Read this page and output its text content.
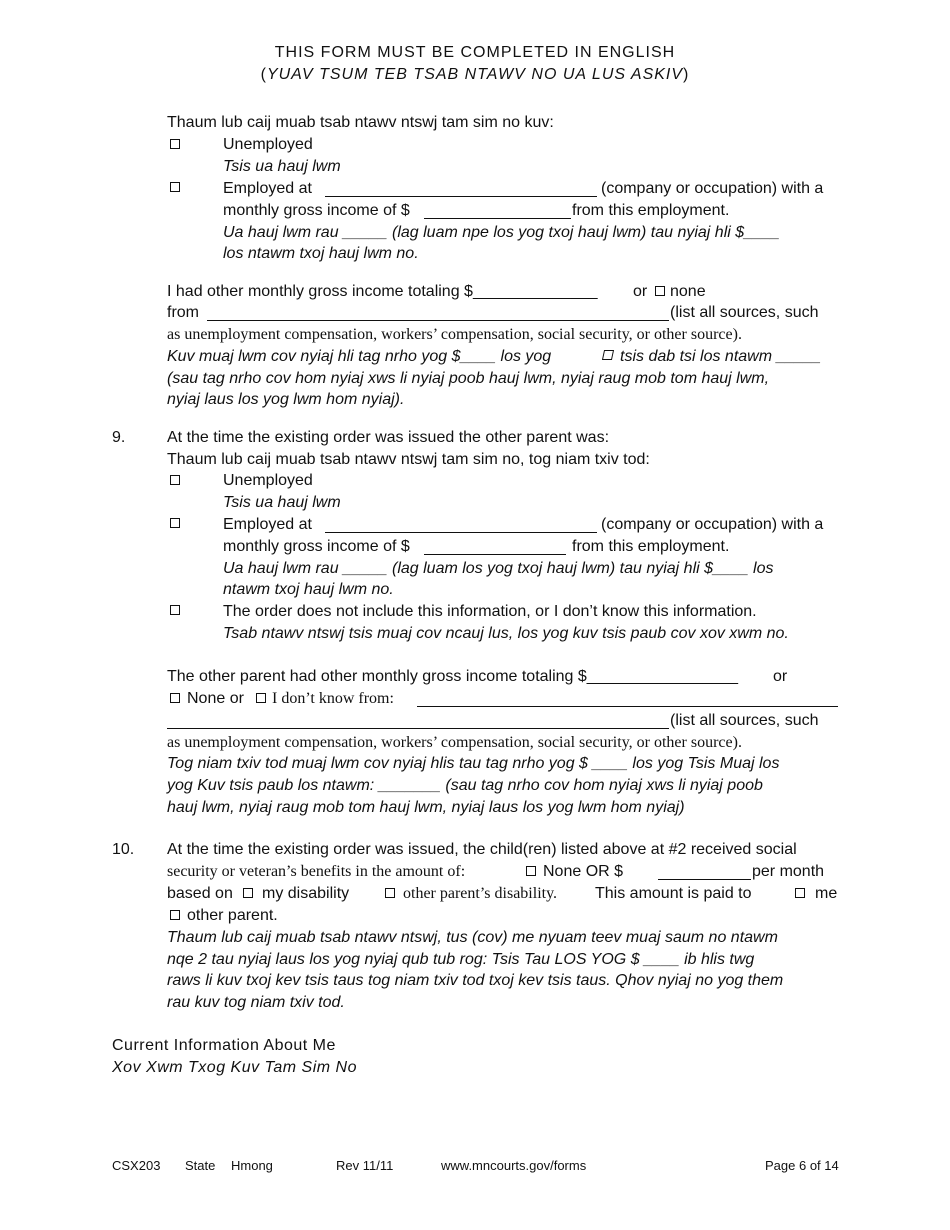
THIS FORM MUST BE COMPLETED IN ENGLISH
(YUAV TSUM TEB TSAB NTAWV NO UA LUS ASKIV)
Thaum lub caij muab tsab ntawv ntswj tam sim no kuv:
Unemployed
Tsis ua hauj lwm
Employed at	(company or occupation) with a
monthly gross income of $	from this employment.
Ua hauj lwm rau _____ (lag luam npe los yog txoj hauj lwm) tau nyiaj hli $____
los ntawm txoj hauj lwm no.
I had other monthly gross income totaling $______________ or none
from	(list all sources, such
as unemployment compensation, workers’ compensation, social security, or other source).
Kuv muaj lwm cov nyiaj hli tag nrho yog $____ los yog	tsis dab tsi los ntawm _____
(sau tag nrho cov hom nyiaj xws li nyiaj poob hauj lwm, nyiaj raug mob tom hauj lwm,
nyiaj laus los yog lwm hom nyiaj).
9.	At the time the existing order was issued the other parent was:
Thaum lub caij muab tsab ntawv ntswj tam sim no, tog niam txiv tod:
Unemployed
Tsis ua hauj lwm
Employed at	(company or occupation) with a
monthly gross income of $	from this employment.
Ua hauj lwm rau _____ (lag luam los yog txoj hauj lwm) tau nyiaj hli $____ los
ntawm txoj hauj lwm no.
The order does not include this information, or I don’t know this information.
Tsab ntawv ntswj tsis muaj cov ncauj lus, los yog kuv tsis paub cov xov xwm no.
The other parent had other monthly gross income totaling $_________________ or
None or I don’t know from:
(list all sources, such
as unemployment compensation, workers’ compensation, social security, or other source).
Tog niam txiv tod muaj lwm cov nyiaj hlis tau tag nrho yog $ ____ los yog Tsis Muaj los
yog Kuv tsis paub los ntawm: _______ (sau tag nrho cov hom nyiaj xws li nyiaj poob
hauj lwm, nyiaj raug mob tom hauj lwm, nyiaj laus los yog lwm hom nyiaj)
10. At the time the existing order was issued, the child(ren) listed above at #2 received social
security or veteran’s benefits in the amount of:	None OR $	per month
based on my disability	other parent’s disability. This amount is paid to	me
other parent.
Thaum lub caij muab tsab ntawv ntswj, tus (cov) me nyuam teev muaj saum no ntawm
nqe 2 tau nyiaj laus los yog nyiaj qub tub rog: Tsis Tau LOS YOG $ ____ ib hlis twg
raws li kuv txoj kev tsis taus tog niam txiv tod txoj kev tsis taus. Qhov nyiaj no yog them
rau kuv tog niam txiv tod.
Current Information About Me
Xov Xwm Txog Kuv Tam Sim No
CSX203 State Hmong	Rev 11/11	www.mncourts.gov/forms	Page 6 of 14
